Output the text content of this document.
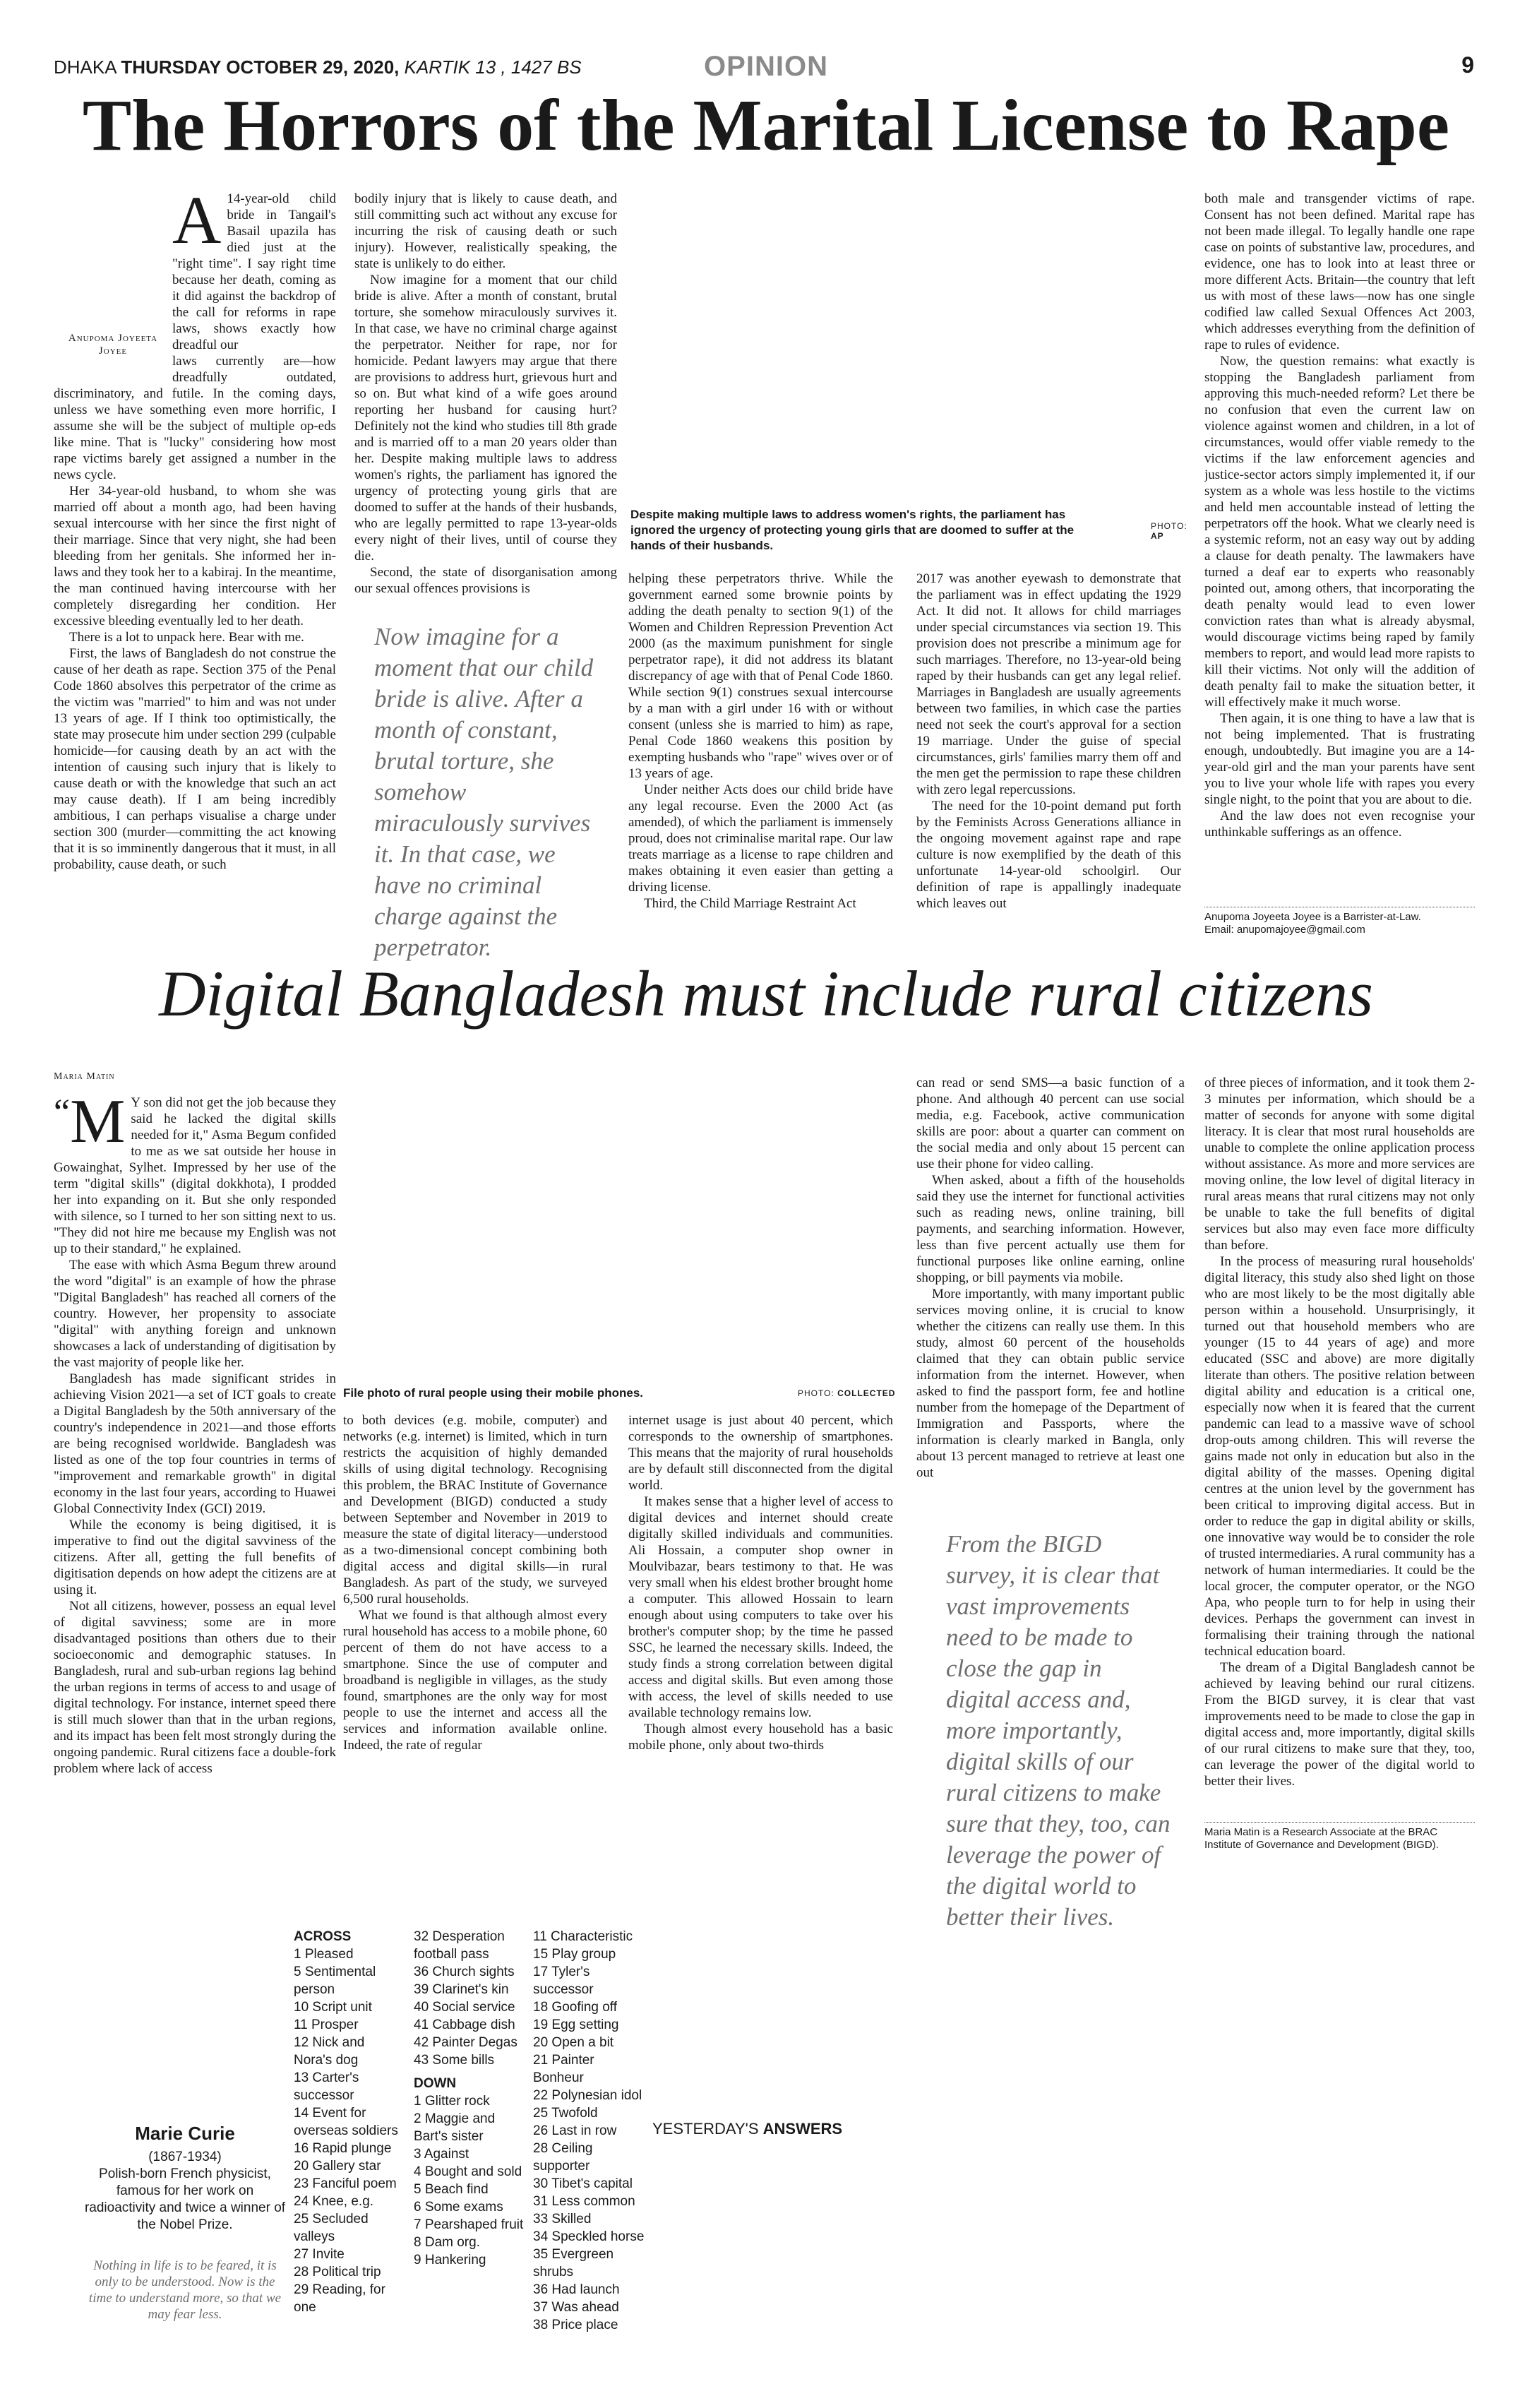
DHAKA THURSDAY OCTOBER 29, 2020, KARTIK 13 , 1427 BS	OPINION	9
The Horrors of the Marital License to Rape
Anupoma Joyeeta
Joyee

A 14-year-old child bride in Tangail's Basail upazila has died just at the "right time". I say right time because her death, coming as it did against the backdrop of the call for reforms in rape laws, shows exactly how dreadful our

laws currently are—how dreadfully outdated, discriminatory, and futile. In the coming days, unless we have something even more horrific, I assume she will be the subject of multiple op-eds like mine. That is "lucky" considering how most rape victims barely get assigned a number in the news cycle.

Her 34-year-old husband, to whom she was married off about a month ago, had been having sexual intercourse with her since the first night of their marriage. Since that very night, she had been bleeding from her genitals. She informed her in-laws and they took her to a kabiraj. In the meantime, the man continued having intercourse with her completely disregarding her condition. Her excessive bleeding eventually led to her death.

There is a lot to unpack here. Bear with me.

First, the laws of Bangladesh do not construe the cause of her death as rape. Section 375 of the Penal Code 1860 absolves this perpetrator of the crime as the victim was "married" to him and was not under 13 years of age. If I think too optimistically, the state may prosecute him under section 299 (culpable homicide—for causing death by an act with the intention of causing such injury that is likely to cause death or with the knowledge that such an act may cause death). If I am being incredibly ambitious, I can perhaps visualise a charge under section 300 (murder—committing the act knowing that it is so imminently dangerous that it must, in all probability, cause death, or such

bodily injury that is likely to cause death, and still committing such act without any excuse for incurring the risk of causing death or such injury). However, realistically speaking, the state is unlikely to do either.

Now imagine for a moment that our child bride is alive. After a month of constant, brutal torture, she somehow miraculously survives it. In that case, we have no criminal charge against the perpetrator. Neither for rape, nor for homicide. Pedant lawyers may argue that there are provisions to address hurt, grievous hurt and so on. But what kind of a wife goes around reporting her husband for causing hurt? Definitely not the kind who studies till 8th grade and is married off to a man 20 years older than her. Despite making multiple laws to address women's rights, the parliament has ignored the urgency of protecting young girls that are doomed to suffer at the hands of their husbands, who are legally permitted to rape 13-year-olds every night of their lives, until of course they die.

Second, the state of disorganisation among our sexual offences provisions is

Now imagine for a moment that our child bride is alive. After a month of constant, brutal torture, she somehow miraculously survives it. In that case, we have no criminal charge against the perpetrator.
Despite making multiple laws to address women's rights, the parliament has ignored the urgency of protecting young girls that are doomed to suffer at the hands of their husbands.
PHOTO:
AP

helping these perpetrators thrive. While the government earned some brownie points by adding the death penalty to section 9(1) of the Women and Children Repression Prevention Act 2000 (as the maximum punishment for single perpetrator rape), it did not address its blatant discrepancy of age with that of Penal Code 1860. While section 9(1) construes sexual intercourse by a man with a girl under 16 with or without consent (unless she is married to him) as rape, Penal Code 1860 weakens this position by exempting husbands who "rape" wives over or of 13 years of age.

Under neither Acts does our child bride have any legal recourse. Even the 2000 Act (as amended), of which the parliament is immensely proud, does not criminalise marital rape. Our law treats marriage as a license to rape children and makes obtaining it even easier than getting a driving license.

Third, the Child Marriage Restraint Act

2017 was another eyewash to demonstrate that the parliament was in effect updating the 1929 Act. It did not. It allows for child marriages under special circumstances via section 19. This provision does not prescribe a minimum age for such marriages. Therefore, no 13-year-old being raped by their husbands can get any legal relief. Marriages in Bangladesh are usually agreements between two families, in which case the parties need not seek the court's approval for a section 19 marriage. Under the guise of special circumstances, girls' families marry them off and the men get the permission to rape these children with zero legal repercussions.

The need for the 10-point demand put forth by the Feminists Across Generations alliance in the ongoing movement against rape and rape culture is now exemplified by the death of this unfortunate 14-year-old schoolgirl. Our definition of rape is appallingly inadequate which leaves out

both male and transgender victims of rape. Consent has not been defined. Marital rape has not been made illegal. To legally handle one rape case on points of substantive law, procedures, and evidence, one has to look into at least three or more different Acts. Britain—the country that left us with most of these laws—now has one single codified law called Sexual Offences Act 2003, which addresses everything from the definition of rape to rules of evidence.

Now, the question remains: what exactly is stopping the Bangladesh parliament from approving this much-needed reform? Let there be no confusion that even the current law on violence against women and children, in a lot of circumstances, would offer viable remedy to the victims if the law enforcement agencies and justice-sector actors simply implemented it, if our system as a whole was less hostile to the victims and held men accountable instead of letting the perpetrators off the hook. What we clearly need is a systemic reform, not an easy way out by adding a clause for death penalty. The lawmakers have turned a deaf ear to experts who reasonably pointed out, among others, that incorporating the death penalty would lead to even lower conviction rates than what is already abysmal, would discourage victims being raped by family members to report, and would lead more rapists to kill their victims. Not only will the addition of death penalty fail to make the situation better, it will effectively make it much worse.

Then again, it is one thing to have a law that is not being implemented. That is frustrating enough, undoubtedly. But imagine you are a 14-year-old girl and the man your parents have sent you to live your whole life with rapes you every single night, to the point that you are about to die.

And the law does not even recognise your unthinkable sufferings as an offence.

Anupoma Joyeeta Joyee is a Barrister-at-Law.
Email: anupomajoyee@gmail.com
Digital Bangladesh must include rural citizens
Maria Matin

“ M Y son did not get the job because they said he lacked the digital skills needed for it," Asma Begum confided to me as we sat outside her house in Gowainghat, Sylhet. Impressed by her use of the term "digital skills" (digital dokkhota), I prodded her into expanding on it. But she only responded with silence, so I turned to her son sitting next to us. "They did not hire me because my English was not up to their standard," he explained.

The ease with which Asma Begum threw around the word "digital" is an example of how the phrase "Digital Bangladesh" has reached all corners of the country. However, her propensity to associate "digital" with anything foreign and unknown showcases a lack of understanding of digitisation by the vast majority of people like her.

Bangladesh has made significant strides in achieving Vision 2021—a set of ICT goals to create a Digital Bangladesh by the 50th anniversary of the country's independence in 2021—and those efforts are being recognised worldwide. Bangladesh was listed as one of the top four countries in terms of "improvement and remarkable growth" in digital economy in the last four years, according to Huawei Global Connectivity Index (GCI) 2019.

While the economy is being digitised, it is imperative to find out the digital savviness of the citizens. After all, getting the full benefits of digitisation depends on how adept the citizens are at using it.

Not all citizens, however, possess an equal level of digital savviness; some are in more disadvantaged positions than others due to their socioeconomic and demographic statuses. In Bangladesh, rural and sub-urban regions lag behind the urban regions in terms of access to and usage of digital technology. For instance, internet speed there is still much slower than that in the urban regions, and its impact has been felt most strongly during the ongoing pandemic. Rural citizens face a double-fork problem where lack of access

File photo of rural people using their mobile phones.	PHOTO: COLLECTED

to both devices (e.g. mobile, computer) and networks (e.g. internet) is limited, which in turn restricts the acquisition of highly demanded skills of using digital technology. Recognising this problem, the BRAC Institute of Governance and Development (BIGD) conducted a study between September and November in 2019 to measure the state of digital literacy—understood as a two-dimensional concept combining both digital access and digital skills—in rural Bangladesh. As part of the study, we surveyed 6,500 rural households.

What we found is that although almost every rural household has access to a mobile phone, 60 percent of them do not have access to a smartphone. Since the use of computer and broadband is negligible in villages, as the study found, smartphones are the only way for most people to use the internet and access all the services and information available online. Indeed, the rate of regular

internet usage is just about 40 percent, which corresponds to the ownership of smartphones. This means that the majority of rural households are by default still disconnected from the digital world.

It makes sense that a higher level of access to digital devices and internet should create digitally skilled individuals and communities. Ali Hossain, a computer shop owner in Moulvibazar, bears testimony to that. He was very small when his eldest brother brought home a computer. This allowed Hossain to learn enough about using computers to take over his brother's computer shop; by the time he passed SSC, he learned the necessary skills. Indeed, the study finds a strong correlation between digital access and digital skills. But even among those with access, the level of skills needed to use available technology remains low.

Though almost every household has a basic mobile phone, only about two-thirds

can read or send SMS—a basic function of a phone. And although 40 percent can use social media, e.g. Facebook, active communication skills are poor: about a quarter can comment on the social media and only about 15 percent can use their phone for video calling.

When asked, about a fifth of the households said they use the internet for functional activities such as reading news, online training, bill payments, and searching information. However, less than five percent actually use them for functional purposes like online earning, online shopping, or bill payments via mobile.

More importantly, with many important public services moving online, it is crucial to know whether the citizens can really use them. In this study, almost 60 percent of the households claimed that they can obtain public service information from the internet. However, when asked to find the passport form, fee and hotline number from the homepage of the Department of Immigration and Passports, where the information is clearly marked in Bangla, only about 13 percent managed to retrieve at least one out

From the BIGD survey, it is clear that vast improvements need to be made to close the gap in digital access and, more importantly, digital skills of our rural citizens to make sure that they, too, can leverage the power of the digital world to better their lives.

of three pieces of information, and it took them 2-3 minutes per information, which should be a matter of seconds for anyone with some digital literacy. It is clear that most rural households are unable to complete the online application process without assistance. As more and more services are moving online, the low level of digital literacy in rural areas means that rural citizens may not only be unable to take the full benefits of digital services but also may even face more difficulty than before.

In the process of measuring rural households' digital literacy, this study also shed light on those who are most likely to be the most digitally able person within a household. Unsurprisingly, it turned out that household members who are younger (15 to 44 years of age) and more educated (SSC and above) are more digitally literate than others. The positive relation between digital ability and education is a critical one, especially now when it is feared that the current pandemic can lead to a massive wave of school drop-outs among children. This will reverse the gains made not only in education but also in the digital ability of the masses. Opening digital centres at the union level by the government has been critical to improving digital access. But in order to reduce the gap in digital ability or skills, one innovative way would be to consider the role of trusted intermediaries. A rural community has a network of human intermediaries. It could be the local grocer, the computer operator, or the NGO Apa, who people turn to for help in using their devices. Perhaps the government can invest in formalising their training through the national technical education board.

The dream of a Digital Bangladesh cannot be achieved by leaving behind our rural citizens. From the BIGD survey, it is clear that vast improvements need to be made to close the gap in digital access and, more importantly, digital skills of our rural citizens to make sure that they, too, can leverage the power of the digital world to better their lives.

Maria Matin is a Research Associate at the BRAC Institute of Governance and Development (BIGD).
Marie Curie
(1867-1934)
Polish-born French physicist, famous for her work on radioactivity and twice a winner of the Nobel Prize.
Nothing in life is to be feared, it is only to be understood. Now is the time to understand more, so that we may fear less.
ACROSS
1 Pleased
5 Sentimental person
10 Script unit
11 Prosper
12 Nick and Nora's dog
13 Carter's successor
14 Event for overseas soldiers
16 Rapid plunge
20 Gallery star
23 Fanciful poem
24 Knee, e.g.
25 Secluded valleys
27 Invite
28 Political trip
29 Reading, for one
32 Desperation football pass
36 Church sights
39 Clarinet's kin
40 Social service
41 Cabbage dish
42 Painter Degas
43 Some bills
DOWN
1 Glitter rock
2 Maggie and Bart's sister
3 Against
4 Bought and sold
5 Beach find
6 Some exams
7 Pearshaped fruit
8 Dam org.
9 Hankering
11 Characteristic
15 Play group
17 Tyler's successor
18 Goofing off
19 Egg setting
20 Open a bit
21 Painter Bonheur
22 Polynesian idol
25 Twofold
26 Last in row
28 Ceiling supporter
30 Tibet's capital
31 Less common
33 Skilled
34 Speckled horse
35 Evergreen shrubs
36 Had launch
37 Was ahead
38 Price place
YESTERDAY'S ANSWERS
